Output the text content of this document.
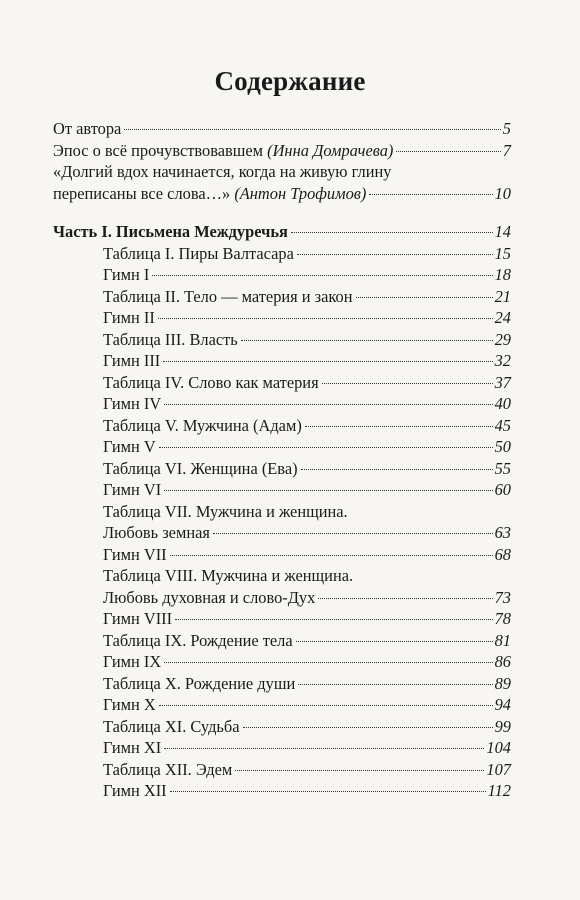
Содержание
От автора	5
Эпос о всё прочувствовавшем (Инна Домрачева)	7
«Долгий вдох начинается, когда на живую глину
переписаны все слова…» (Антон Трофимов)	10
Часть I. Письмена Междуречья	14
Таблица I. Пиры Валтасара	15
Гимн I	18
Таблица II. Тело — материя и закон	21
Гимн II	24
Таблица III. Власть	29
Гимн III	32
Таблица IV. Слово как материя	37
Гимн IV	40
Таблица V. Мужчина (Адам)	45
Гимн V	50
Таблица VI. Женщина (Ева)	55
Гимн VI	60
Таблица VII. Мужчина и женщина.
Любовь земная	63
Гимн VII	68
Таблица VIII. Мужчина и женщина.
Любовь духовная и слово-Дух	73
Гимн VIII	78
Таблица IX. Рождение тела	81
Гимн IX	86
Таблица X. Рождение души	89
Гимн X	94
Таблица XI. Судьба	99
Гимн XI	104
Таблица XII. Эдем	107
Гимн XII	112
